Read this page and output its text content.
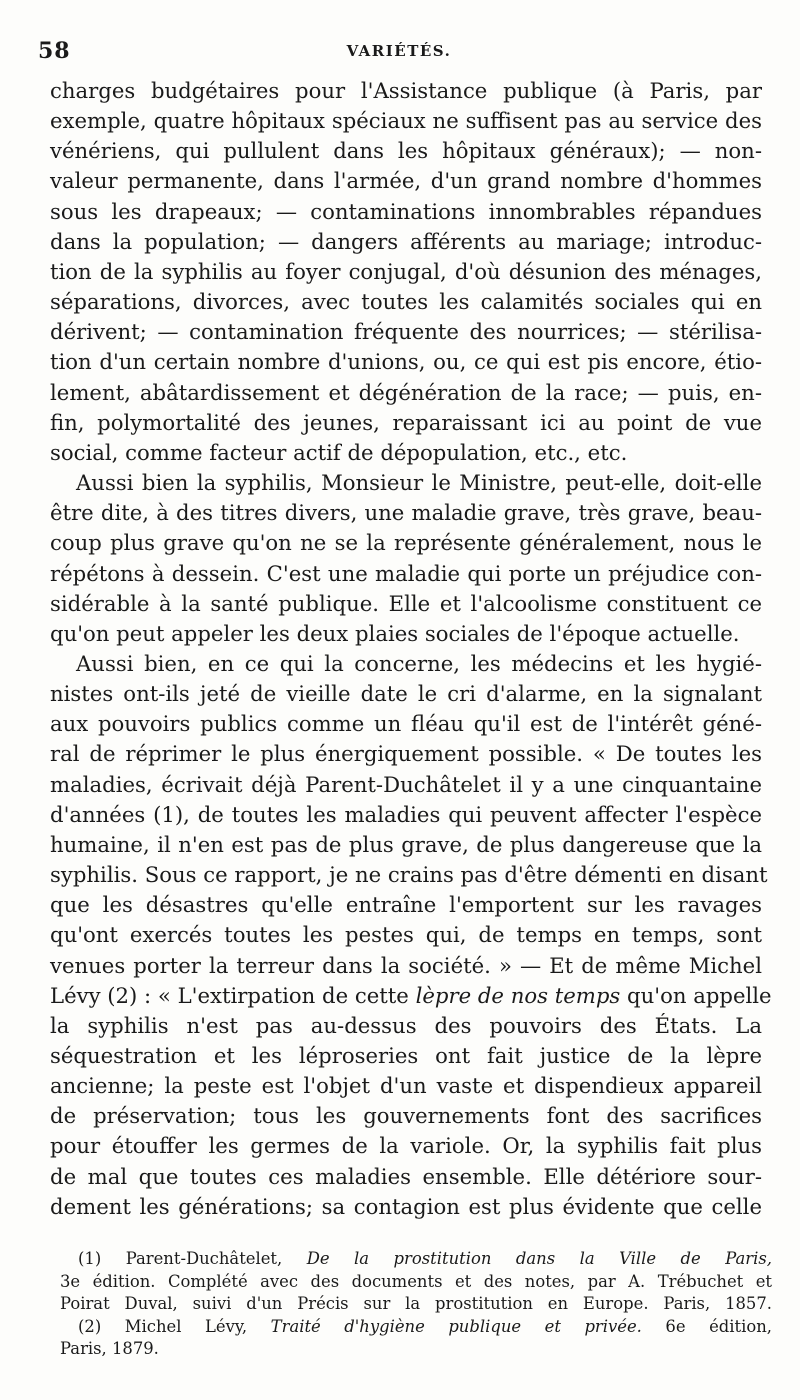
58	VARIÉTÉS.

charges budgétaires pour l'Assistance publique (à Paris, par
exemple, quatre hôpitaux spéciaux ne suffisent pas au service des
vénériens, qui pullulent dans les hôpitaux généraux); — non-
valeur permanente, dans l'armée, d'un grand nombre d'hommes
sous les drapeaux; — contaminations innombrables répandues
dans la population; — dangers afférents au mariage; introduc-
tion de la syphilis au foyer conjugal, d'où désunion des ménages,
séparations, divorces, avec toutes les calamités sociales qui en
dérivent; — contamination fréquente des nourrices; — stérilisa-
tion d'un certain nombre d'unions, ou, ce qui est pis encore, étio-
lement, abâtardissement et dégénération de la race; — puis, en-
fin, polymortalité des jeunes, reparaissant ici au point de vue
social, comme facteur actif de dépopulation, etc., etc.

Aussi bien la syphilis, Monsieur le Ministre, peut-elle, doit-elle
être dite, à des titres divers, une maladie grave, très grave, beau-
coup plus grave qu'on ne se la représente généralement, nous le
répétons à dessein. C'est une maladie qui porte un préjudice con-
sidérable à la santé publique. Elle et l'alcoolisme constituent ce
qu'on peut appeler les deux plaies sociales de l'époque actuelle.

Aussi bien, en ce qui la concerne, les médecins et les hygié-
nistes ont-ils jeté de vieille date le cri d'alarme, en la signalant
aux pouvoirs publics comme un fléau qu'il est de l'intérêt géné-
ral de réprimer le plus énergiquement possible. « De toutes les
maladies, écrivait déjà Parent-Duchâtelet il y a une cinquantaine
d'années (1), de toutes les maladies qui peuvent affecter l'espèce
humaine, il n'en est pas de plus grave, de plus dangereuse que la
syphilis. Sous ce rapport, je ne crains pas d'être démenti en disant
que les désastres qu'elle entraîne l'emportent sur les ravages
qu'ont exercés toutes les pestes qui, de temps en temps, sont
venues porter la terreur dans la société. » — Et de même Michel
Lévy (2) : « L'extirpation de cette lèpre de nos temps qu'on appelle
la syphilis n'est pas au-dessus des pouvoirs des États. La
séquestration et les léproseries ont fait justice de la lèpre
ancienne; la peste est l'objet d'un vaste et dispendieux appareil
de préservation; tous les gouvernements font des sacrifices
pour étouffer les germes de la variole. Or, la syphilis fait plus
de mal que toutes ces maladies ensemble. Elle détériore sour-
dement les générations; sa contagion est plus évidente que celle

(1) Parent-Duchâtelet, De la prostitution dans la Ville de Paris,
3e édition. Complété avec des documents et des notes, par A. Trébuchet et
Poirat Duval, suivi d'un Précis sur la prostitution en Europe. Paris, 1857.

(2) Michel Lévy, Traité d'hygiène publique et privée. 6e édition,
Paris, 1879.
